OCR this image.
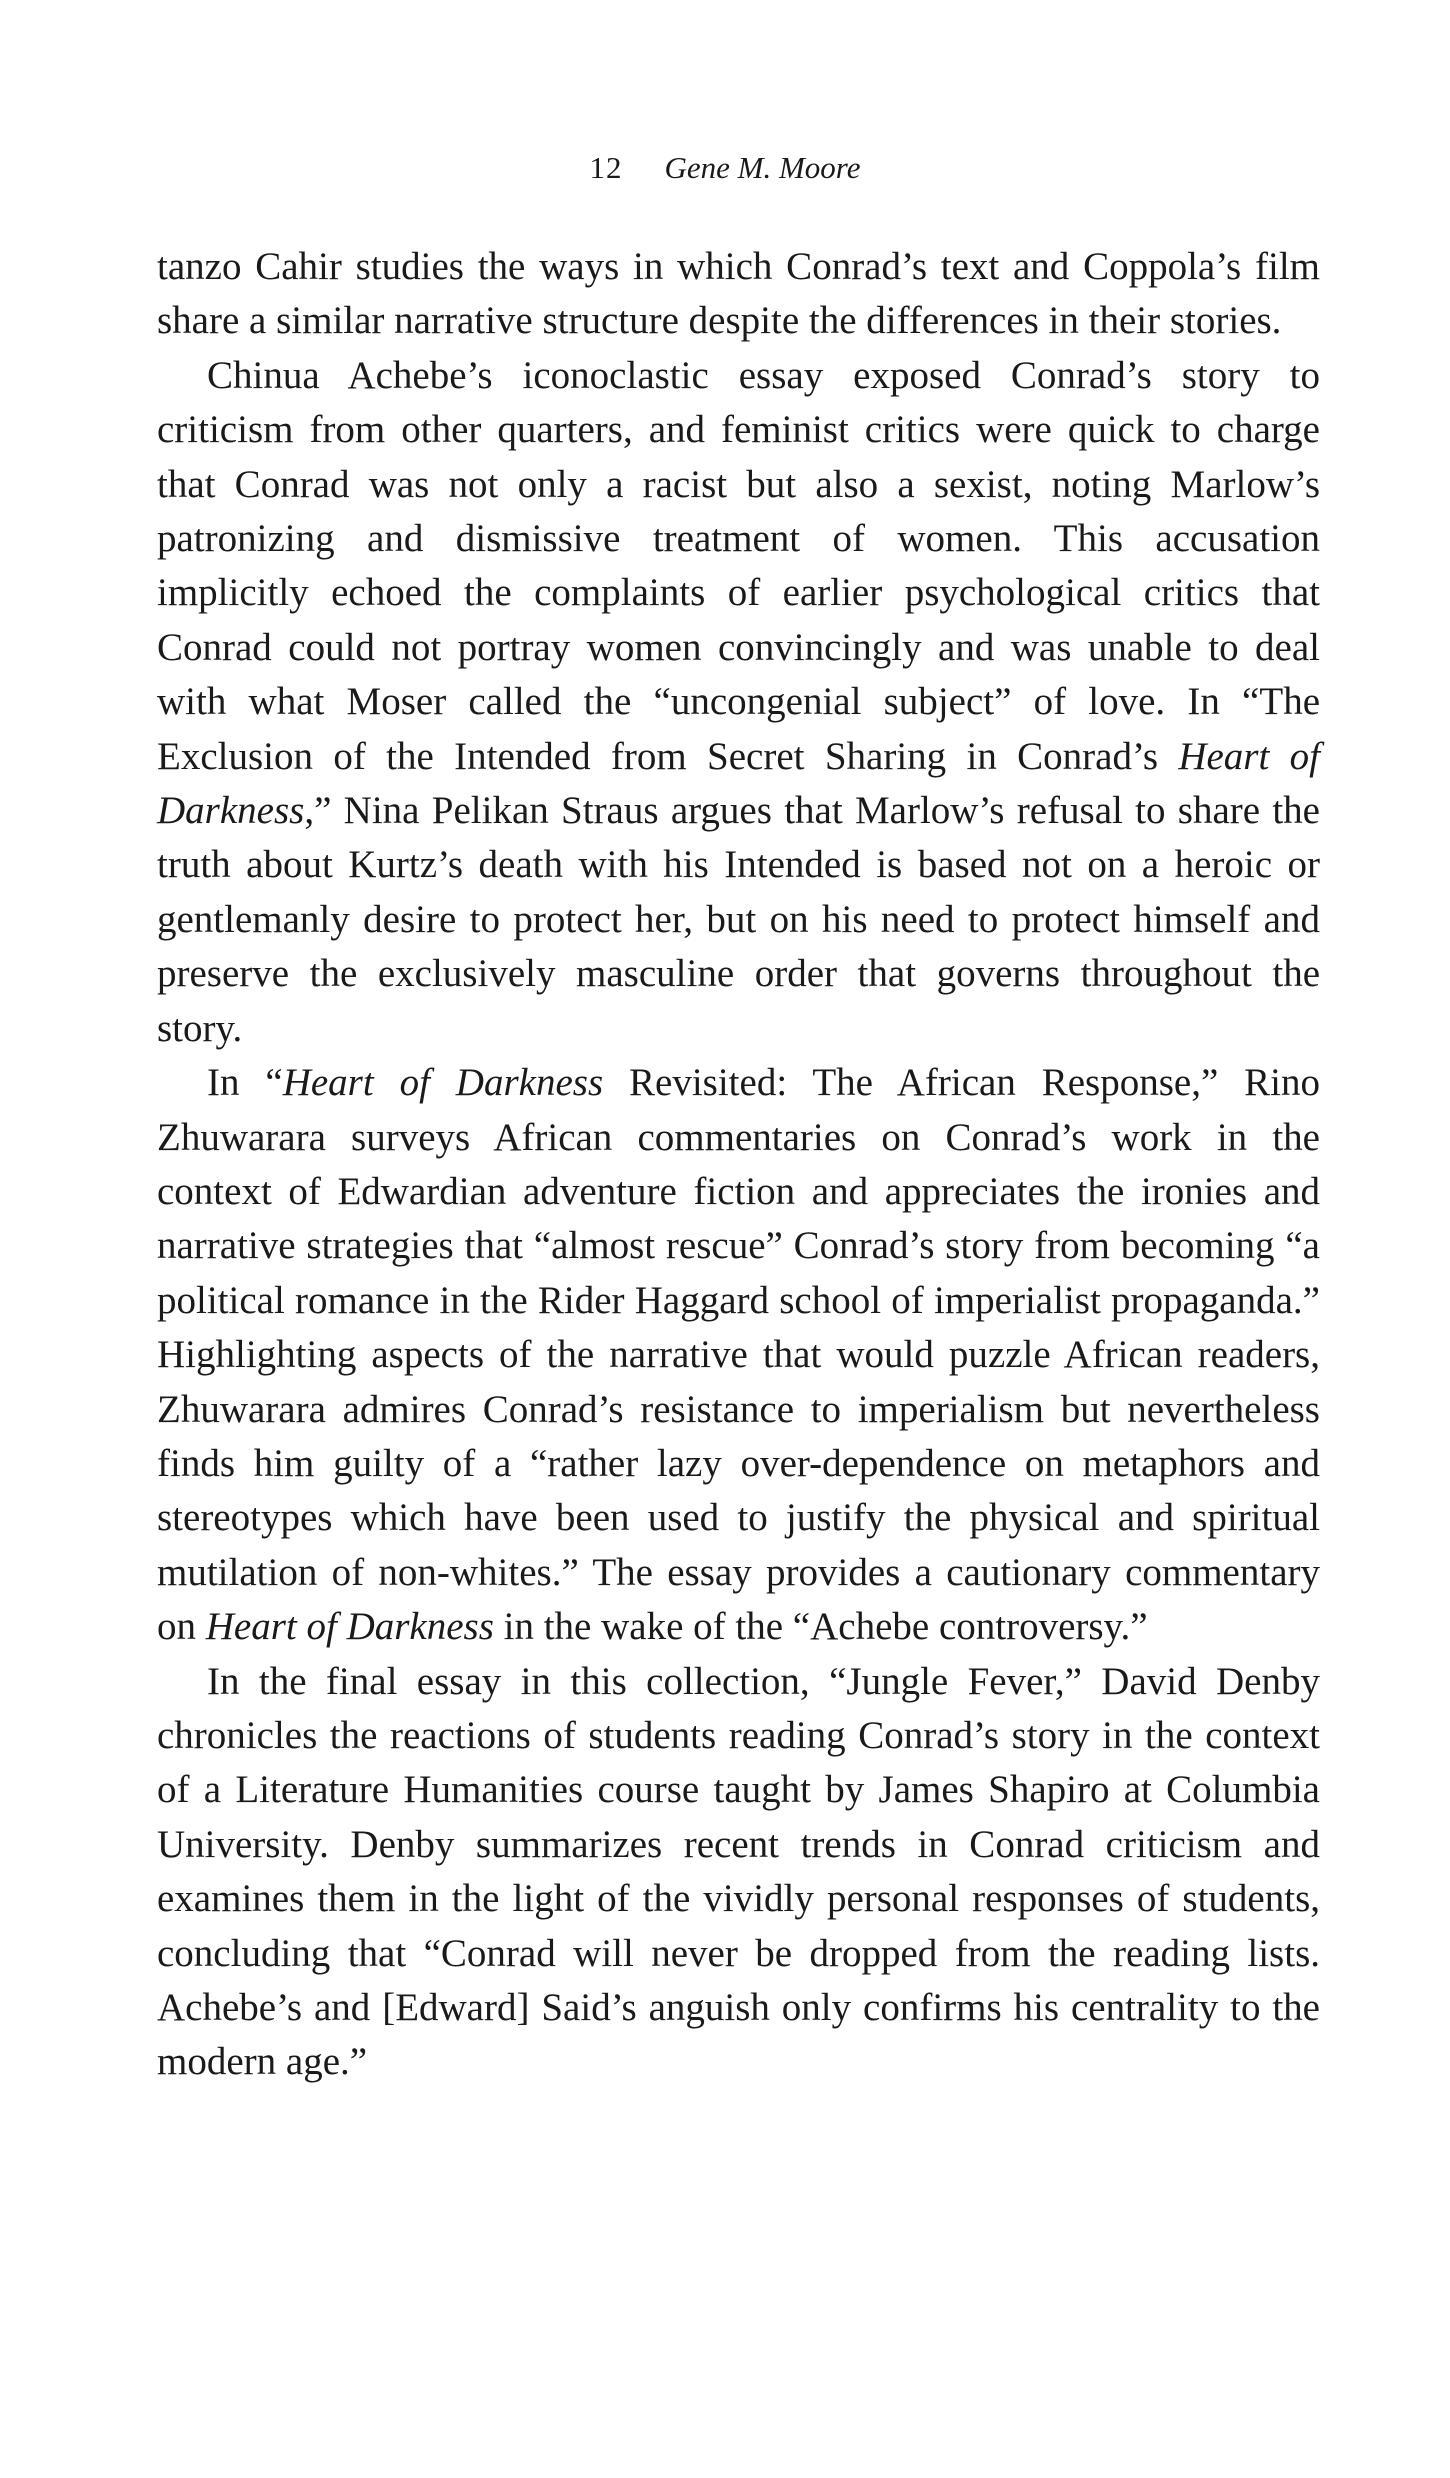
12 Gene M. Moore

tanzo Cahir studies the ways in which Conrad’s text and Coppola’s film share a similar narrative structure despite the differences in their stories.

Chinua Achebe’s iconoclastic essay exposed Conrad’s story to criticism from other quarters, and feminist critics were quick to charge that Conrad was not only a racist but also a sexist, noting Marlow’s patronizing and dismissive treatment of women. This accusation implicitly echoed the complaints of earlier psychological critics that Conrad could not portray women convincingly and was unable to deal with what Moser called the “uncongenial subject” of love. In “The Exclusion of the Intended from Secret Sharing in Conrad’s Heart of Darkness,” Nina Pelikan Straus argues that Marlow’s refusal to share the truth about Kurtz’s death with his Intended is based not on a heroic or gentlemanly desire to protect her, but on his need to protect himself and preserve the exclusively masculine order that governs throughout the story.

In “Heart of Darkness Revisited: The African Response,” Rino Zhuwarara surveys African commentaries on Conrad’s work in the context of Edwardian adventure fiction and appreciates the ironies and narrative strategies that “almost rescue” Conrad’s story from becoming “a political romance in the Rider Haggard school of imperialist propaganda.” Highlighting aspects of the narrative that would puzzle African readers, Zhuwarara admires Conrad’s resistance to imperialism but nevertheless finds him guilty of a “rather lazy over-dependence on metaphors and stereotypes which have been used to justify the physical and spiritual mutilation of non-whites.” The essay provides a cautionary commentary on Heart of Darkness in the wake of the “Achebe controversy.”

In the final essay in this collection, “Jungle Fever,” David Denby chronicles the reactions of students reading Conrad’s story in the context of a Literature Humanities course taught by James Shapiro at Columbia University. Denby summarizes recent trends in Conrad criticism and examines them in the light of the vividly personal responses of students, concluding that “Conrad will never be dropped from the reading lists. Achebe’s and [Edward] Said’s anguish only confirms his centrality to the modern age.”
